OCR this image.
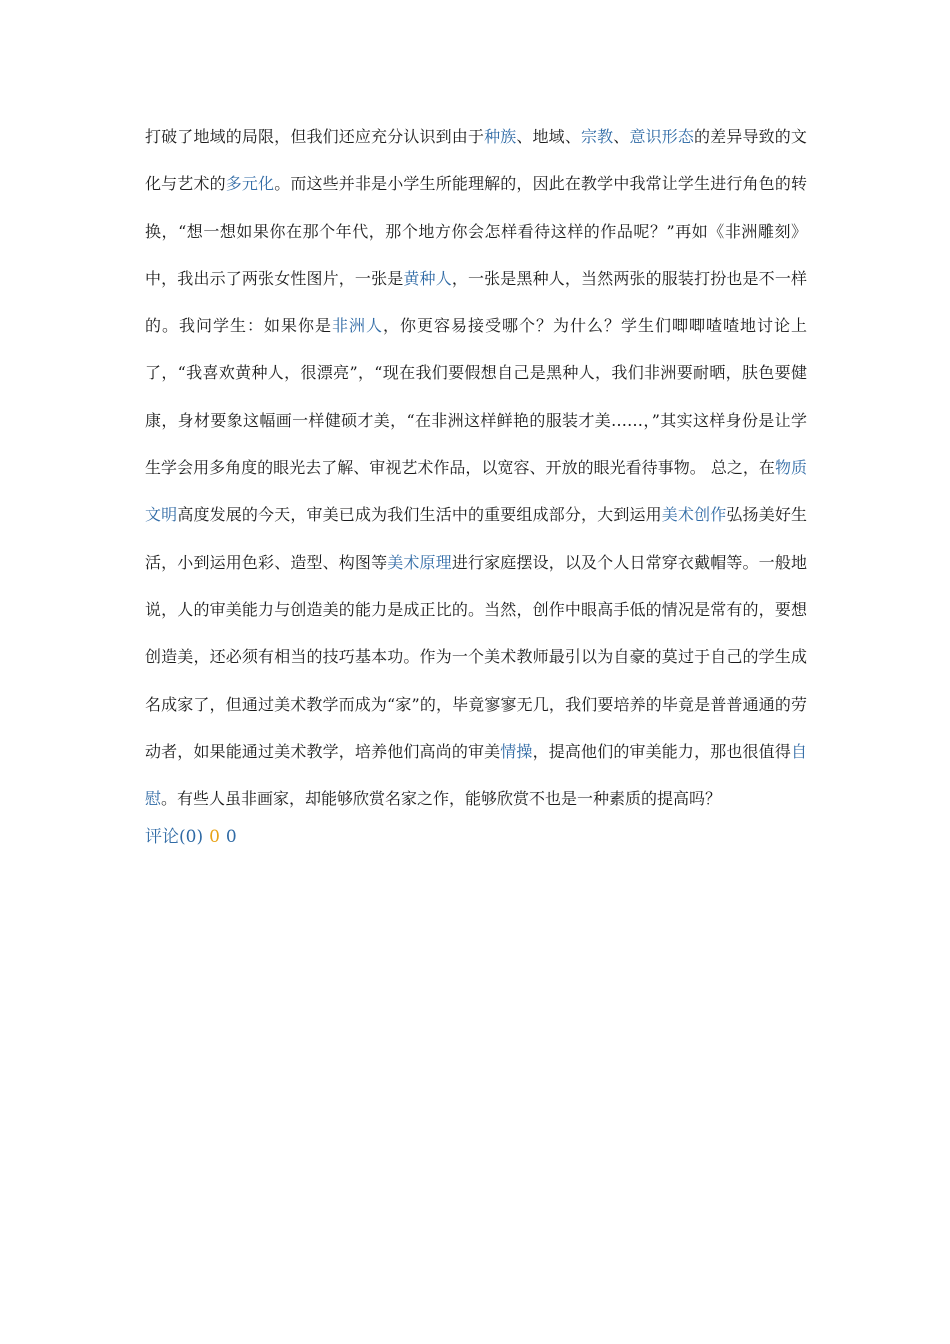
打破了地域的局限，但我们还应充分认识到由于种族、地域、宗教、意识形态的差异导致的文化与艺术的多元化。而这些并非是小学生所能理解的，因此在教学中我常让学生进行角色的转换，“想一想如果你在那个年代，那个地方你会怎样看待这样的作品呢？”再如《非洲雕刻》中，我出示了两张女性图片，一张是黄种人，一张是黑种人，当然两张的服装打扮也是不一样的。我问学生：如果你是非洲人，你更容易接受哪个？为什么？学生们唧唧喳喳地讨论上了，“我喜欢黄种人，很漂亮”，“现在我们要假想自己是黑种人，我们非洲要耐晒，肤色要健康，身材要象这幅画一样健硕才美，“在非洲这样鲜艳的服装才美……，”其实这样身份是让学生学会用多角度的眼光去了解、审视艺术作品，以宽容、开放的眼光看待事物。 总之，在物质文明高度发展的今天，审美已成为我们生活中的重要组成部分，大到运用美术创作弘扬美好生活，小到运用色彩、造型、构图等美术原理进行家庭摆设，以及个人日常穿衣戴帽等。一般地说，人的审美能力与创造美的能力是成正比的。当然，创作中眼高手低的情况是常有的，要想创造美，还必须有相当的技巧基本功。作为一个美术教师最引以为自豪的莫过于自己的学生成名成家了，但通过美术教学而成为“家”的，毕竟寥寥无几，我们要培养的毕竟是普普通通的劳动者，如果能通过美术教学，培养他们高尚的审美情操，提高他们的审美能力，那也很值得自慰。有些人虽非画家，却能够欣赏名家之作，能够欣赏不也是一种素质的提高吗？

评论(0) 0 0
